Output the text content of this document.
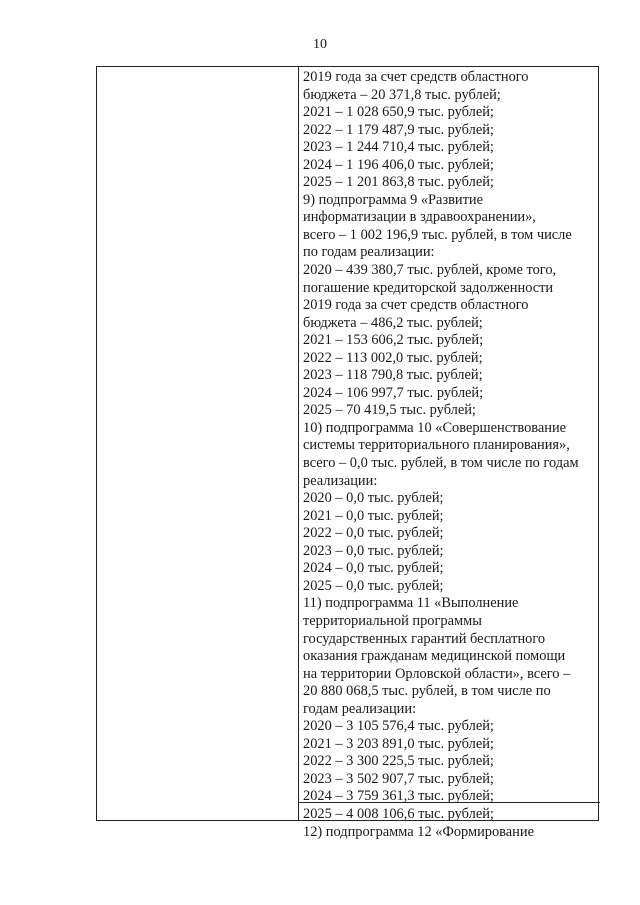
10
2019 года за счет средств областного
бюджета – 20 371,8 тыс. рублей;
2021 – 1 028 650,9 тыс. рублей;
2022 – 1 179 487,9 тыс. рублей;
2023 – 1 244 710,4 тыс. рублей;
2024 – 1 196 406,0 тыс. рублей;
2025 – 1 201 863,8 тыс. рублей;
9) подпрограмма 9 «Развитие
информатизации в здравоохранении»,
всего – 1 002 196,9 тыс. рублей, в том числе
по годам реализации:
2020 – 439 380,7 тыс. рублей, кроме того,
погашение кредиторской задолженности
2019 года за счет средств областного
бюджета – 486,2 тыс. рублей;
2021 – 153 606,2 тыс. рублей;
2022 – 113 002,0 тыс. рублей;
2023 – 118 790,8 тыс. рублей;
2024 – 106 997,7 тыс. рублей;
2025 – 70 419,5 тыс. рублей;
10) подпрограмма 10 «Совершенствование
системы территориального планирования»,
всего – 0,0 тыс. рублей, в том числе по годам
реализации:
2020 – 0,0 тыс. рублей;
2021 – 0,0 тыс. рублей;
2022 – 0,0 тыс. рублей;
2023 – 0,0 тыс. рублей;
2024 – 0,0 тыс. рублей;
2025 – 0,0 тыс. рублей;
11) подпрограмма 11 «Выполнение
территориальной программы
государственных гарантий бесплатного
оказания гражданам медицинской помощи
на территории Орловской области», всего –
20 880 068,5 тыс. рублей, в том числе по
годам реализации:
2020 – 3 105 576,4 тыс. рублей;
2021 – 3 203 891,0 тыс. рублей;
2022 – 3 300 225,5 тыс. рублей;
2023 – 3 502 907,7 тыс. рублей;
2024 – 3 759 361,3 тыс. рублей;
2025 – 4 008 106,6 тыс. рублей;
12) подпрограмма 12 «Формирование
